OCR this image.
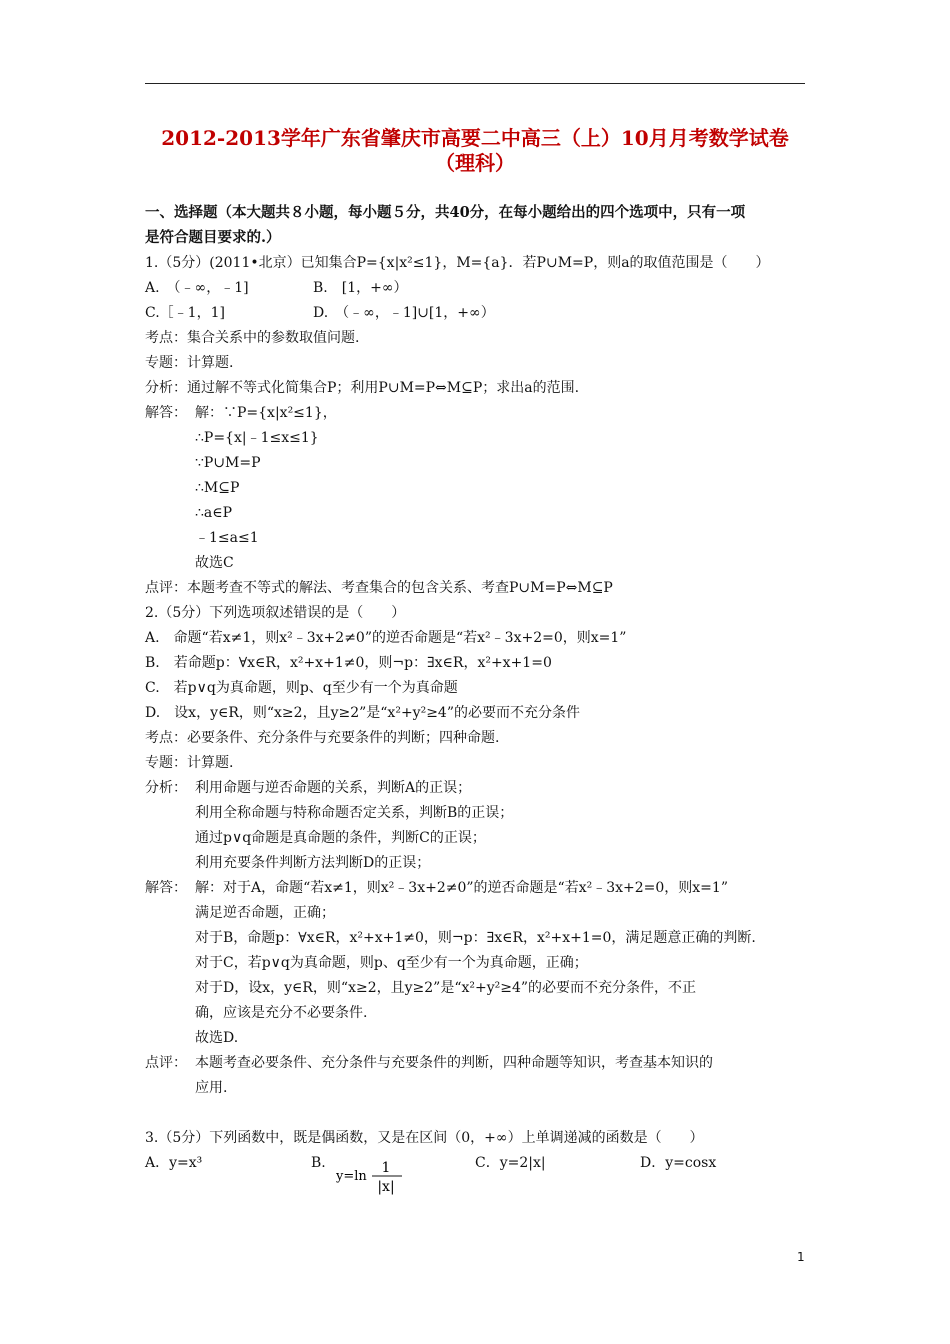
2012-2013学年广东省肇庆市高要二中高三（上）10月月考数学试卷
（理科）
一、选择题（本大题共８小题，每小题５分，共40分，在每小题给出的四个选项中，只有一项
是符合题目要求的.）
1.（5分）(2011•北京）已知集合P={x|x²≤1}，M={a}．若P∪M=P，则a的取值范围是（　　）
A.　（﹣∞，﹣1]	B.　[1，+∞）
C.［﹣1，1]	D.　（﹣∞，﹣1]∪[1，+∞）
考点：集合关系中的参数取值问题.
专题：计算题.
分析：通过解不等式化简集合P；利用P∪M=P⇔M⊆P；求出a的范围.
解答： 解：∵P={x|x²≤1}，
∴P={x|﹣1≤x≤1}
∵P∪M=P
∴M⊆P
∴a∈P
﹣1≤a≤1
故选C
点评：本题考查不等式的解法、考查集合的包含关系、考查P∪M=P⇔M⊆P
2.（5分）下列选项叙述错误的是（　　）
A.　命题“若x≠1，则x²﹣3x+2≠0”的逆否命题是“若x²﹣3x+2=0，则x=1”
B.　若命题p：∀x∈R，x²+x+1≠0，则¬p：∃x∈R，x²+x+1=0
C.　若p∨q为真命题，则p、q至少有一个为真命题
D.　设x，y∈R，则“x≥2，且y≥2”是“x²+y²≥4”的必要而不充分条件
考点：必要条件、充分条件与充要条件的判断；四种命题.
专题：计算题.
分析： 利用命题与逆否命题的关系，判断A的正误；
利用全称命题与特称命题否定关系，判断B的正误；
通过p∨q命题是真命题的条件，判断C的正误；
利用充要条件判断方法判断D的正误；
解答： 解：对于A，命题“若x≠1，则x²﹣3x+2≠0”的逆否命题是“若x²﹣3x+2=0，则x=1”
满足逆否命题，正确；
对于B，命题p：∀x∈R，x²+x+1≠0，则¬p：∃x∈R，x²+x+1=0，满足题意正确的判断.
对于C，若p∨q为真命题，则p、q至少有一个为真命题，正确；
对于D，设x，y∈R，则“x≥2，且y≥2”是“x²+y²≥4”的必要而不充分条件，不正
确，应该是充分不必要条件.
故选D.
点评： 本题考查必要条件、充分条件与充要条件的判断，四种命题等知识，考查基本知识的
应用.
3.（5分）下列函数中，既是偶函数，又是在区间（0，+∞）上单调递减的函数是（　　）
A．y=x³	B.
y=ln
1
|x|
C．y=2|x|	D．y=cosx
1
